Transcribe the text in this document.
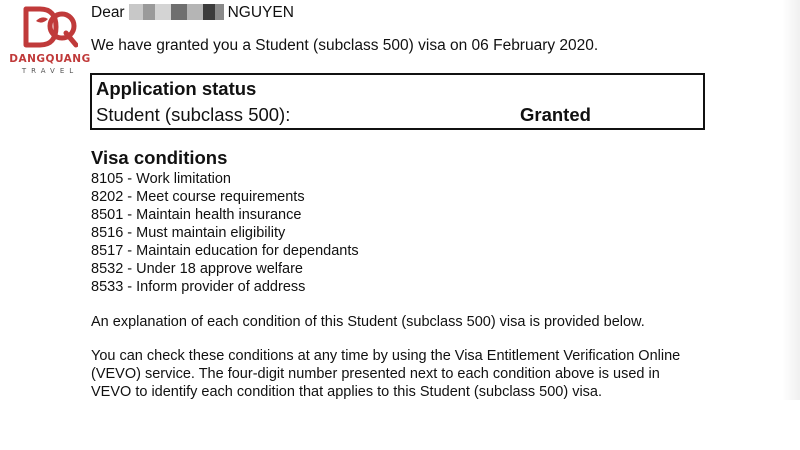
DANGQUANG
TRAVEL
Dear	NGUYEN
We have granted you a Student (subclass 500) visa on 06 February 2020.
Application status
Student (subclass 500):	Granted
Visa conditions
8105 - Work limitation
8202 - Meet course requirements
8501 - Maintain health insurance
8516 - Must maintain eligibility
8517 - Maintain education for dependants
8532 - Under 18 approve welfare
8533 - Inform provider of address
An explanation of each condition of this Student (subclass 500) visa is provided below.
You can check these conditions at any time by using the Visa Entitlement Verification Online
(VEVO) service. The four-digit number presented next to each condition above is used in
VEVO to identify each condition that applies to this Student (subclass 500) visa.
